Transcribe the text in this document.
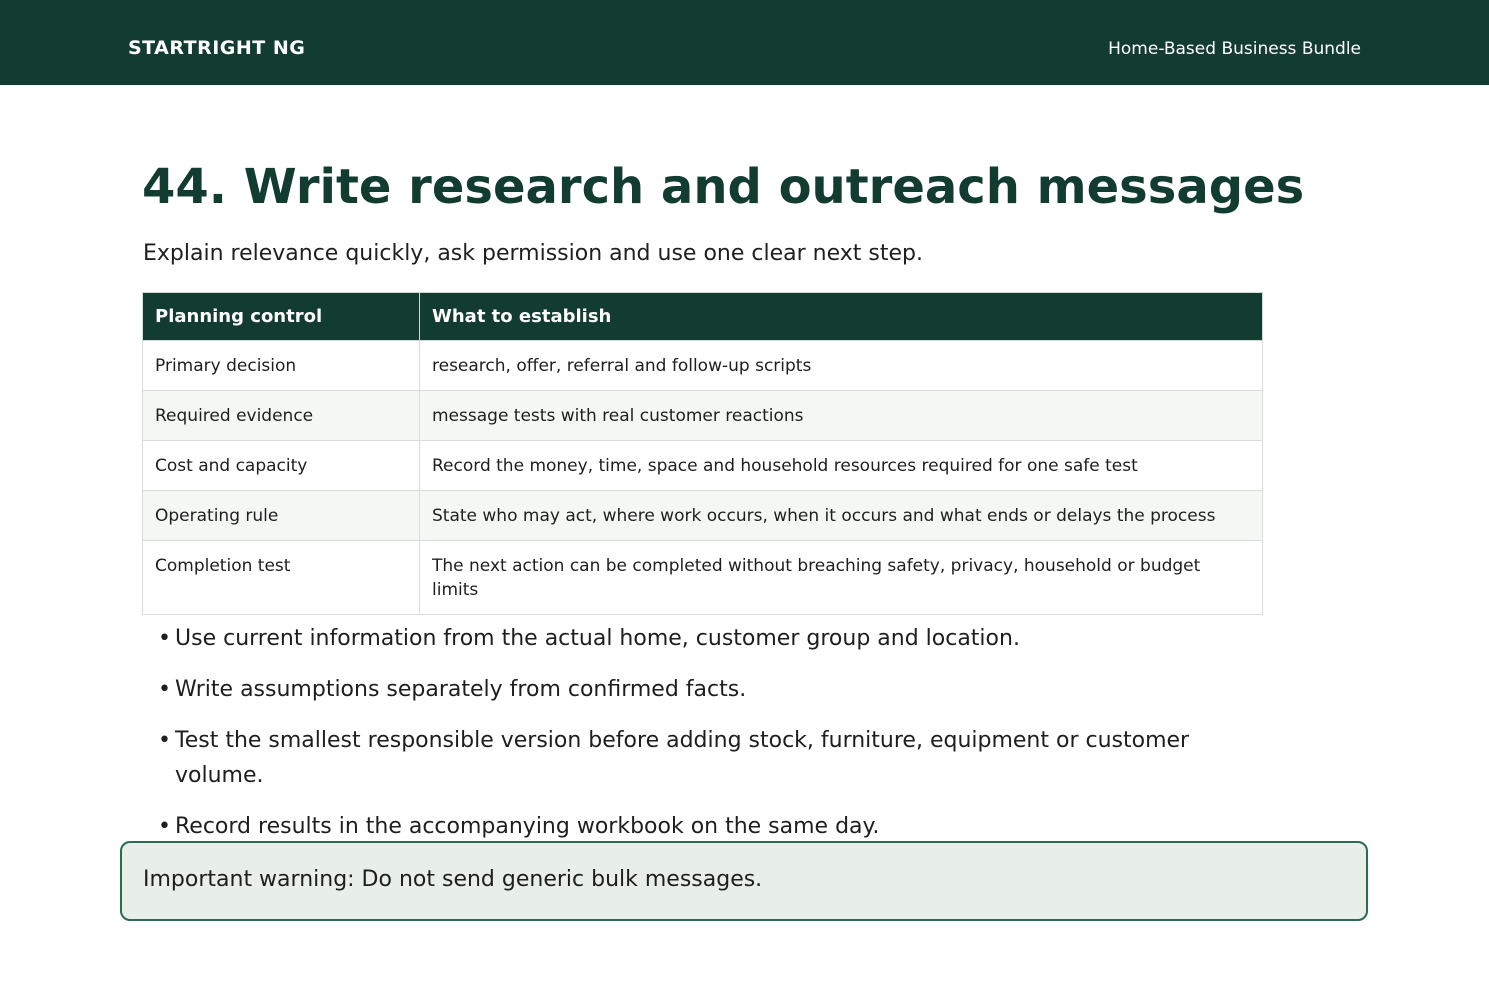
STARTRIGHT NG	Home-Based Business Bundle
44. Write research and outreach messages
Explain relevance quickly, ask permission and use one clear next step.
Planning control	What to establish
Primary decision	research, offer, referral and follow-up scripts
Required evidence	message tests with real customer reactions
Cost and capacity	Record the money, time, space and household resources required for one safe test
Operating rule	State who may act, where work occurs, when it occurs and what ends or delays the process
Completion test	The next action can be completed without breaching safety, privacy, household or budget limits
• Use current information from the actual home, customer group and location.
• Write assumptions separately from confirmed facts.
• Test the smallest responsible version before adding stock, furniture, equipment or customer volume.
• Record results in the accompanying workbook on the same day.
Important warning: Do not send generic bulk messages.
